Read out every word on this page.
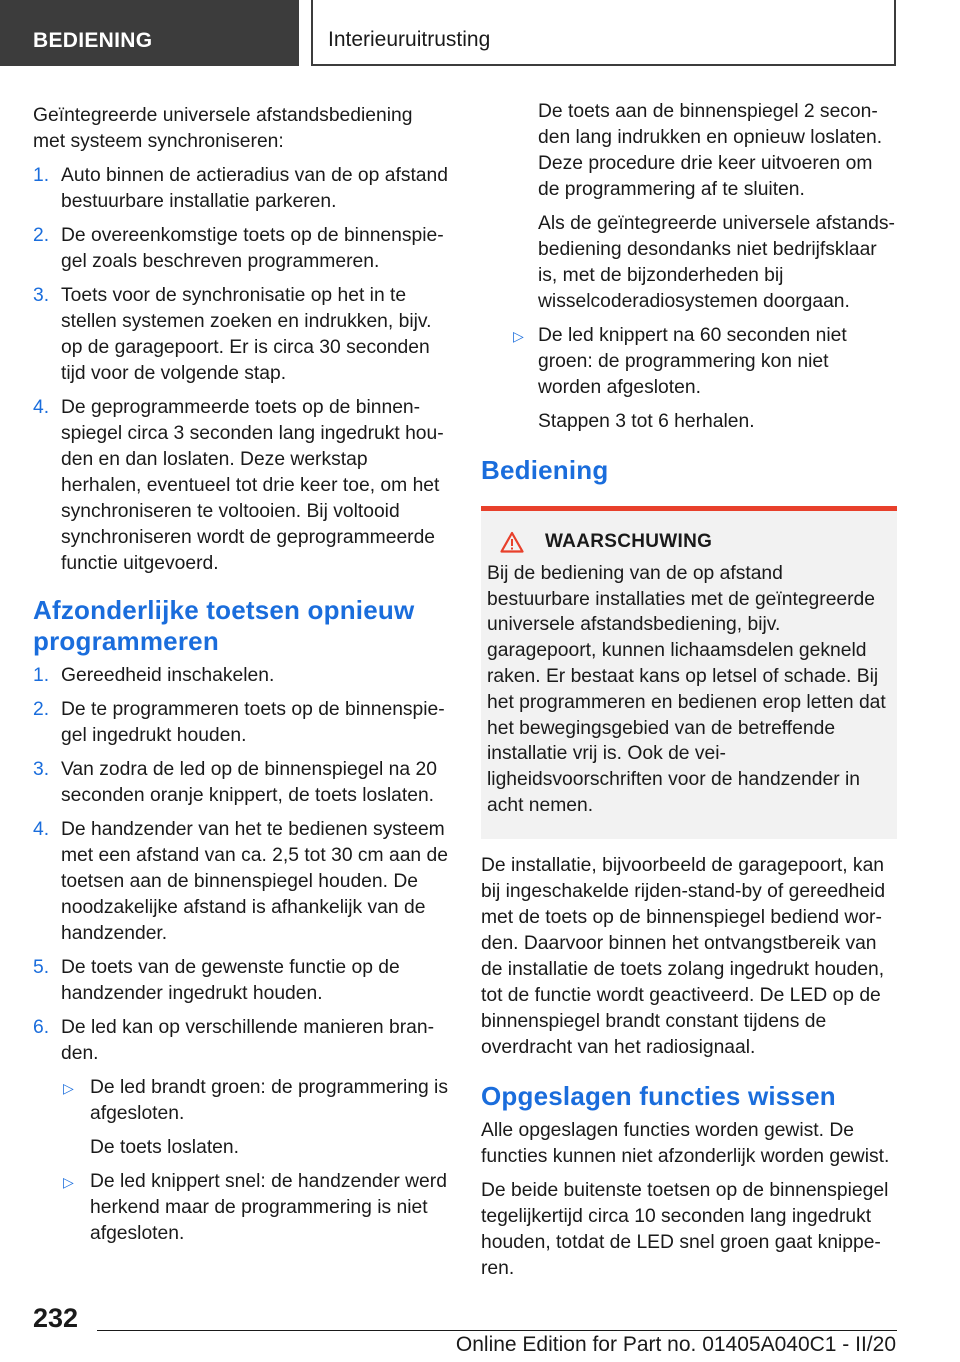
BEDIENING	Interieuruitrusting

Geïntegreerde universele afstandsbediening met systeem synchroniseren:

1. Auto binnen de actieradius van de op afstand bestuurbare installatie parkeren.
2. De overeenkomstige toets op de binnenspiegel zoals beschreven programmeren.
3. Toets voor de synchronisatie op het in te stellen systemen zoeken en indrukken, bijv. op de garagepoort. Er is circa 30 seconden tijd voor de volgende stap.
4. De geprogrammeerde toets op de binnenspiegel circa 3 seconden lang ingedrukt houden en dan loslaten. Deze werkstap herhalen, eventueel tot drie keer toe, om het synchroniseren te voltooien. Bij voltooid synchroniseren wordt de geprogrammeerde functie uitgevoerd.
Afzonderlijke toetsen opnieuw programmeren
1. Gereedheid inschakelen.
2. De te programmeren toets op de binnenspiegel ingedrukt houden.
3. Van zodra de led op de binnenspiegel na 20 seconden oranje knippert, de toets loslaten.
4. De handzender van het te bedienen systeem met een afstand van ca. 2,5 tot 30 cm aan de toetsen aan de binnenspiegel houden. De noodzakelijke afstand is afhankelijk van de handzender.
5. De toets van de gewenste functie op de handzender ingedrukt houden.
6. De led kan op verschillende manieren branden.
▷ De led brandt groen: de programmering is afgesloten.
De toets loslaten.
▷ De led knippert snel: de handzender werd herkend maar de programmering is niet afgesloten.
De toets aan de binnenspiegel 2 seconden lang indrukken en opnieuw loslaten. Deze procedure drie keer uitvoeren om de programmering af te sluiten.
Als de geïntegreerde universele afstandsbediening desondanks niet bedrijfsklaar is, met de bijzonderheden bij wisselcoderadiosystemen doorgaan.
▷ De led knippert na 60 seconden niet groen: de programmering kon niet worden afgesloten.
Stappen 3 tot 6 herhalen.
Bediening
WAARSCHUWING
Bij de bediening van de op afstand bestuurbare installaties met de geïntegreerde universele afstandsbediening, bijv. garagepoort, kunnen lichaamsdelen gekneld raken. Er bestaat kans op letsel of schade. Bij het programmeren en bedienen erop letten dat het bewegingsgebied van de betreffende installatie vrij is. Ook de veiligheidsvoorschriften voor de handzender in acht nemen.

De installatie, bijvoorbeeld de garagepoort, kan bij ingeschakelde rijden-stand-by of gereedheid met de toets op de binnenspiegel bediend worden. Daarvoor binnen het ontvangstbereik van de installatie de toets zolang ingedrukt houden, tot de functie wordt geactiveerd. De LED op de binnenspiegel brandt constant tijdens de overdracht van het radiosignaal.

Opgeslagen functies wissen

Alle opgeslagen functies worden gewist. De functies kunnen niet afzonderlijk worden gewist.

De beide buitenste toetsen op de binnenspiegel tegelijkertijd circa 10 seconden lang ingedrukt houden, totdat de LED snel groen gaat knipperen.

232
Online Edition for Part no. 01405A040C1 - II/20
